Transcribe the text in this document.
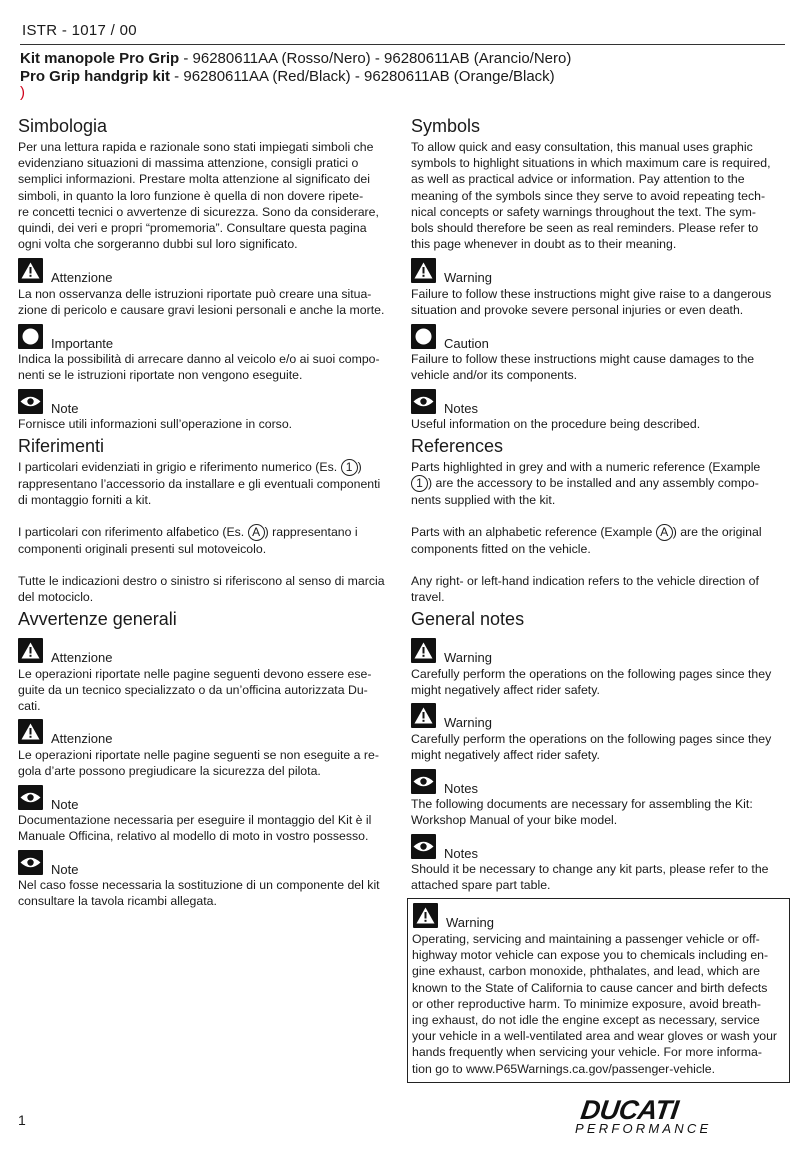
ISTR - 1017 / 00
Kit manopole Pro Grip - 96280611AA (Rosso/Nero) - 96280611AB (Arancio/Nero)
Pro Grip handgrip kit - 96280611AA (Red/Black) - 96280611AB (Orange/Black)
)
Simbologia
Per una lettura rapida e razionale sono stati impiegati simboli che
evidenziano situazioni di massima attenzione, consigli pratici o
semplici informazioni. Prestare molta attenzione al significato dei
simboli, in quanto la loro funzione è quella di non dovere ripete-
re concetti tecnici o avvertenze di sicurezza. Sono da considerare,
quindi, dei veri e propri “promemoria”. Consultare questa pagina
ogni volta che sorgeranno dubbi sul loro significato.
Attenzione
La non osservanza delle istruzioni riportate può creare una situa-
zione di pericolo e causare gravi lesioni personali e anche la morte.
Importante
Indica la possibilità di arrecare danno al veicolo e/o ai suoi compo-
nenti se le istruzioni riportate non vengono eseguite.
Note
Fornisce utili informazioni sull’operazione in corso.
Riferimenti
I particolari evidenziati in grigio e riferimento numerico (Es. 1 )
rappresentano l’accessorio da installare e gli eventuali componenti
di montaggio forniti a kit.
I particolari con riferimento alfabetico (Es. A ) rappresentano i
componenti originali presenti sul motoveicolo.
Tutte le indicazioni destro o sinistro si riferiscono al senso di marcia
del motociclo.
Avvertenze generali
Attenzione
Le operazioni riportate nelle pagine seguenti devono essere ese-
guite da un tecnico specializzato o da un’officina autorizzata Du-
cati.
Attenzione
Le operazioni riportate nelle pagine seguenti se non eseguite a re-
gola d’arte possono pregiudicare la sicurezza del pilota.
Note
Documentazione necessaria per eseguire il montaggio del Kit è il
Manuale Officina, relativo al modello di moto in vostro possesso.
Note
Nel caso fosse necessaria la sostituzione di un componente del kit
consultare la tavola ricambi allegata.
Symbols
To allow quick and easy consultation, this manual uses graphic
symbols to highlight situations in which maximum care is required,
as well as practical advice or information. Pay attention to the
meaning of the symbols since they serve to avoid repeating tech-
nical concepts or safety warnings throughout the text. The sym-
bols should therefore be seen as real reminders. Please refer to
this page whenever in doubt as to their meaning.
Warning
Failure to follow these instructions might give raise to a dangerous
situation and provoke severe personal injuries or even death.
Caution
Failure to follow these instructions might cause damages to the
vehicle and/or its components.
Notes
Useful information on the procedure being described.
References
Parts highlighted in grey and with a numeric reference (Example
1 ) are the accessory to be installed and any assembly compo-
nents supplied with the kit.
Parts with an alphabetic reference (Example A ) are the original
components fitted on the vehicle.
Any right- or left-hand indication refers to the vehicle direction of
travel.
General notes
Warning
Carefully perform the operations on the following pages since they
might negatively affect rider safety.
Warning
Carefully perform the operations on the following pages since they
might negatively affect rider safety.
Notes
The following documents are necessary for assembling the Kit:
Workshop Manual of your bike model.
Notes
Should it be necessary to change any kit parts, please refer to the
attached spare part table.
Warning
Operating, servicing and maintaining a passenger vehicle or off-
highway motor vehicle can expose you to chemicals including en-
gine exhaust, carbon monoxide, phthalates, and lead, which are
known to the State of California to cause cancer and birth defects
or other reproductive harm. To minimize exposure, avoid breath-
ing exhaust, do not idle the engine except as necessary, service
your vehicle in a well-ventilated area and wear gloves or wash your
hands frequently when servicing your vehicle. For more informa-
tion go to www.P65Warnings.ca.gov/passenger-vehicle.
1	DUCATI
PERFORMANCE
